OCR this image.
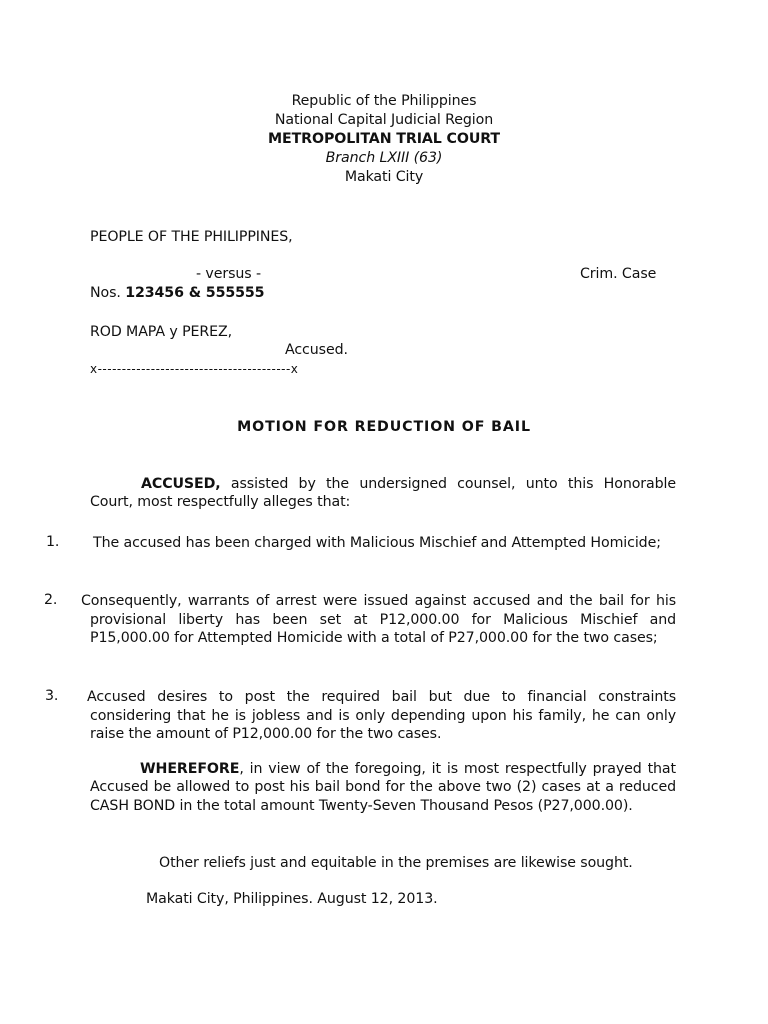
Republic of the Philippines
National Capital Judicial Region
METROPOLITAN TRIAL COURT
Branch LXIII (63)
Makati City
PEOPLE OF THE PHILIPPINES,
- versus -	Crim. Case
Nos. 123456 & 555555
ROD MAPA y PEREZ,
Accused.
x----------------------------------------x
MOTION FOR REDUCTION OF BAIL
ACCUSED, assisted by the undersigned counsel, unto this Honorable Court, most respectfully alleges that:
1. The accused has been charged with Malicious Mischief and Attempted Homicide;
2. Consequently, warrants of arrest were issued against accused and the bail for his provisional liberty has been set at P12,000.00 for Malicious Mischief and P15,000.00 for Attempted Homicide with a total of P27,000.00 for the two cases;
3. Accused desires to post the required bail but due to financial constraints considering that he is jobless and is only depending upon his family, he can only raise the amount of P12,000.00 for the two cases.
WHEREFORE, in view of the foregoing, it is most respectfully prayed that Accused be allowed to post his bail bond for the above two (2) cases at a reduced CASH BOND in the total amount Twenty-Seven Thousand Pesos (P27,000.00).
Other reliefs just and equitable in the premises are likewise sought.
Makati City, Philippines. August 12, 2013.
